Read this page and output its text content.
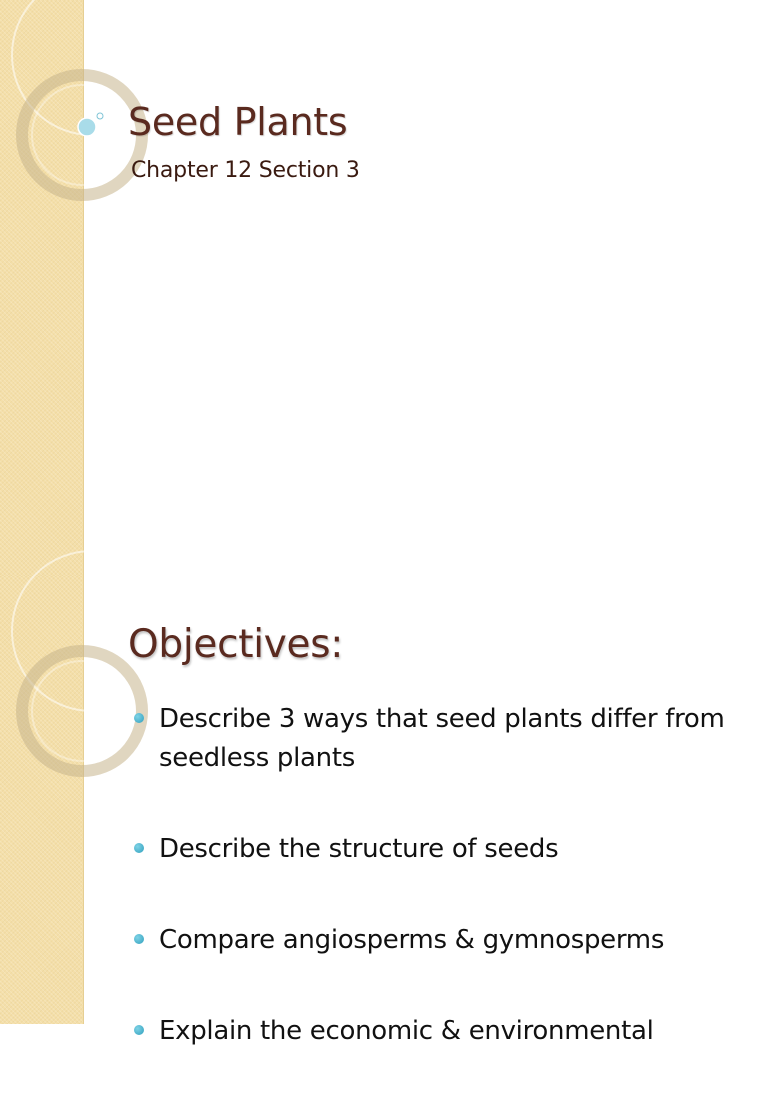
Seed Plants

Chapter 12 Section 3

Objectives:
Describe 3 ways that seed plants differ from seedless plants
Describe the structure of seeds
Compare angiosperms & gymnosperms
Explain the economic & environmental
